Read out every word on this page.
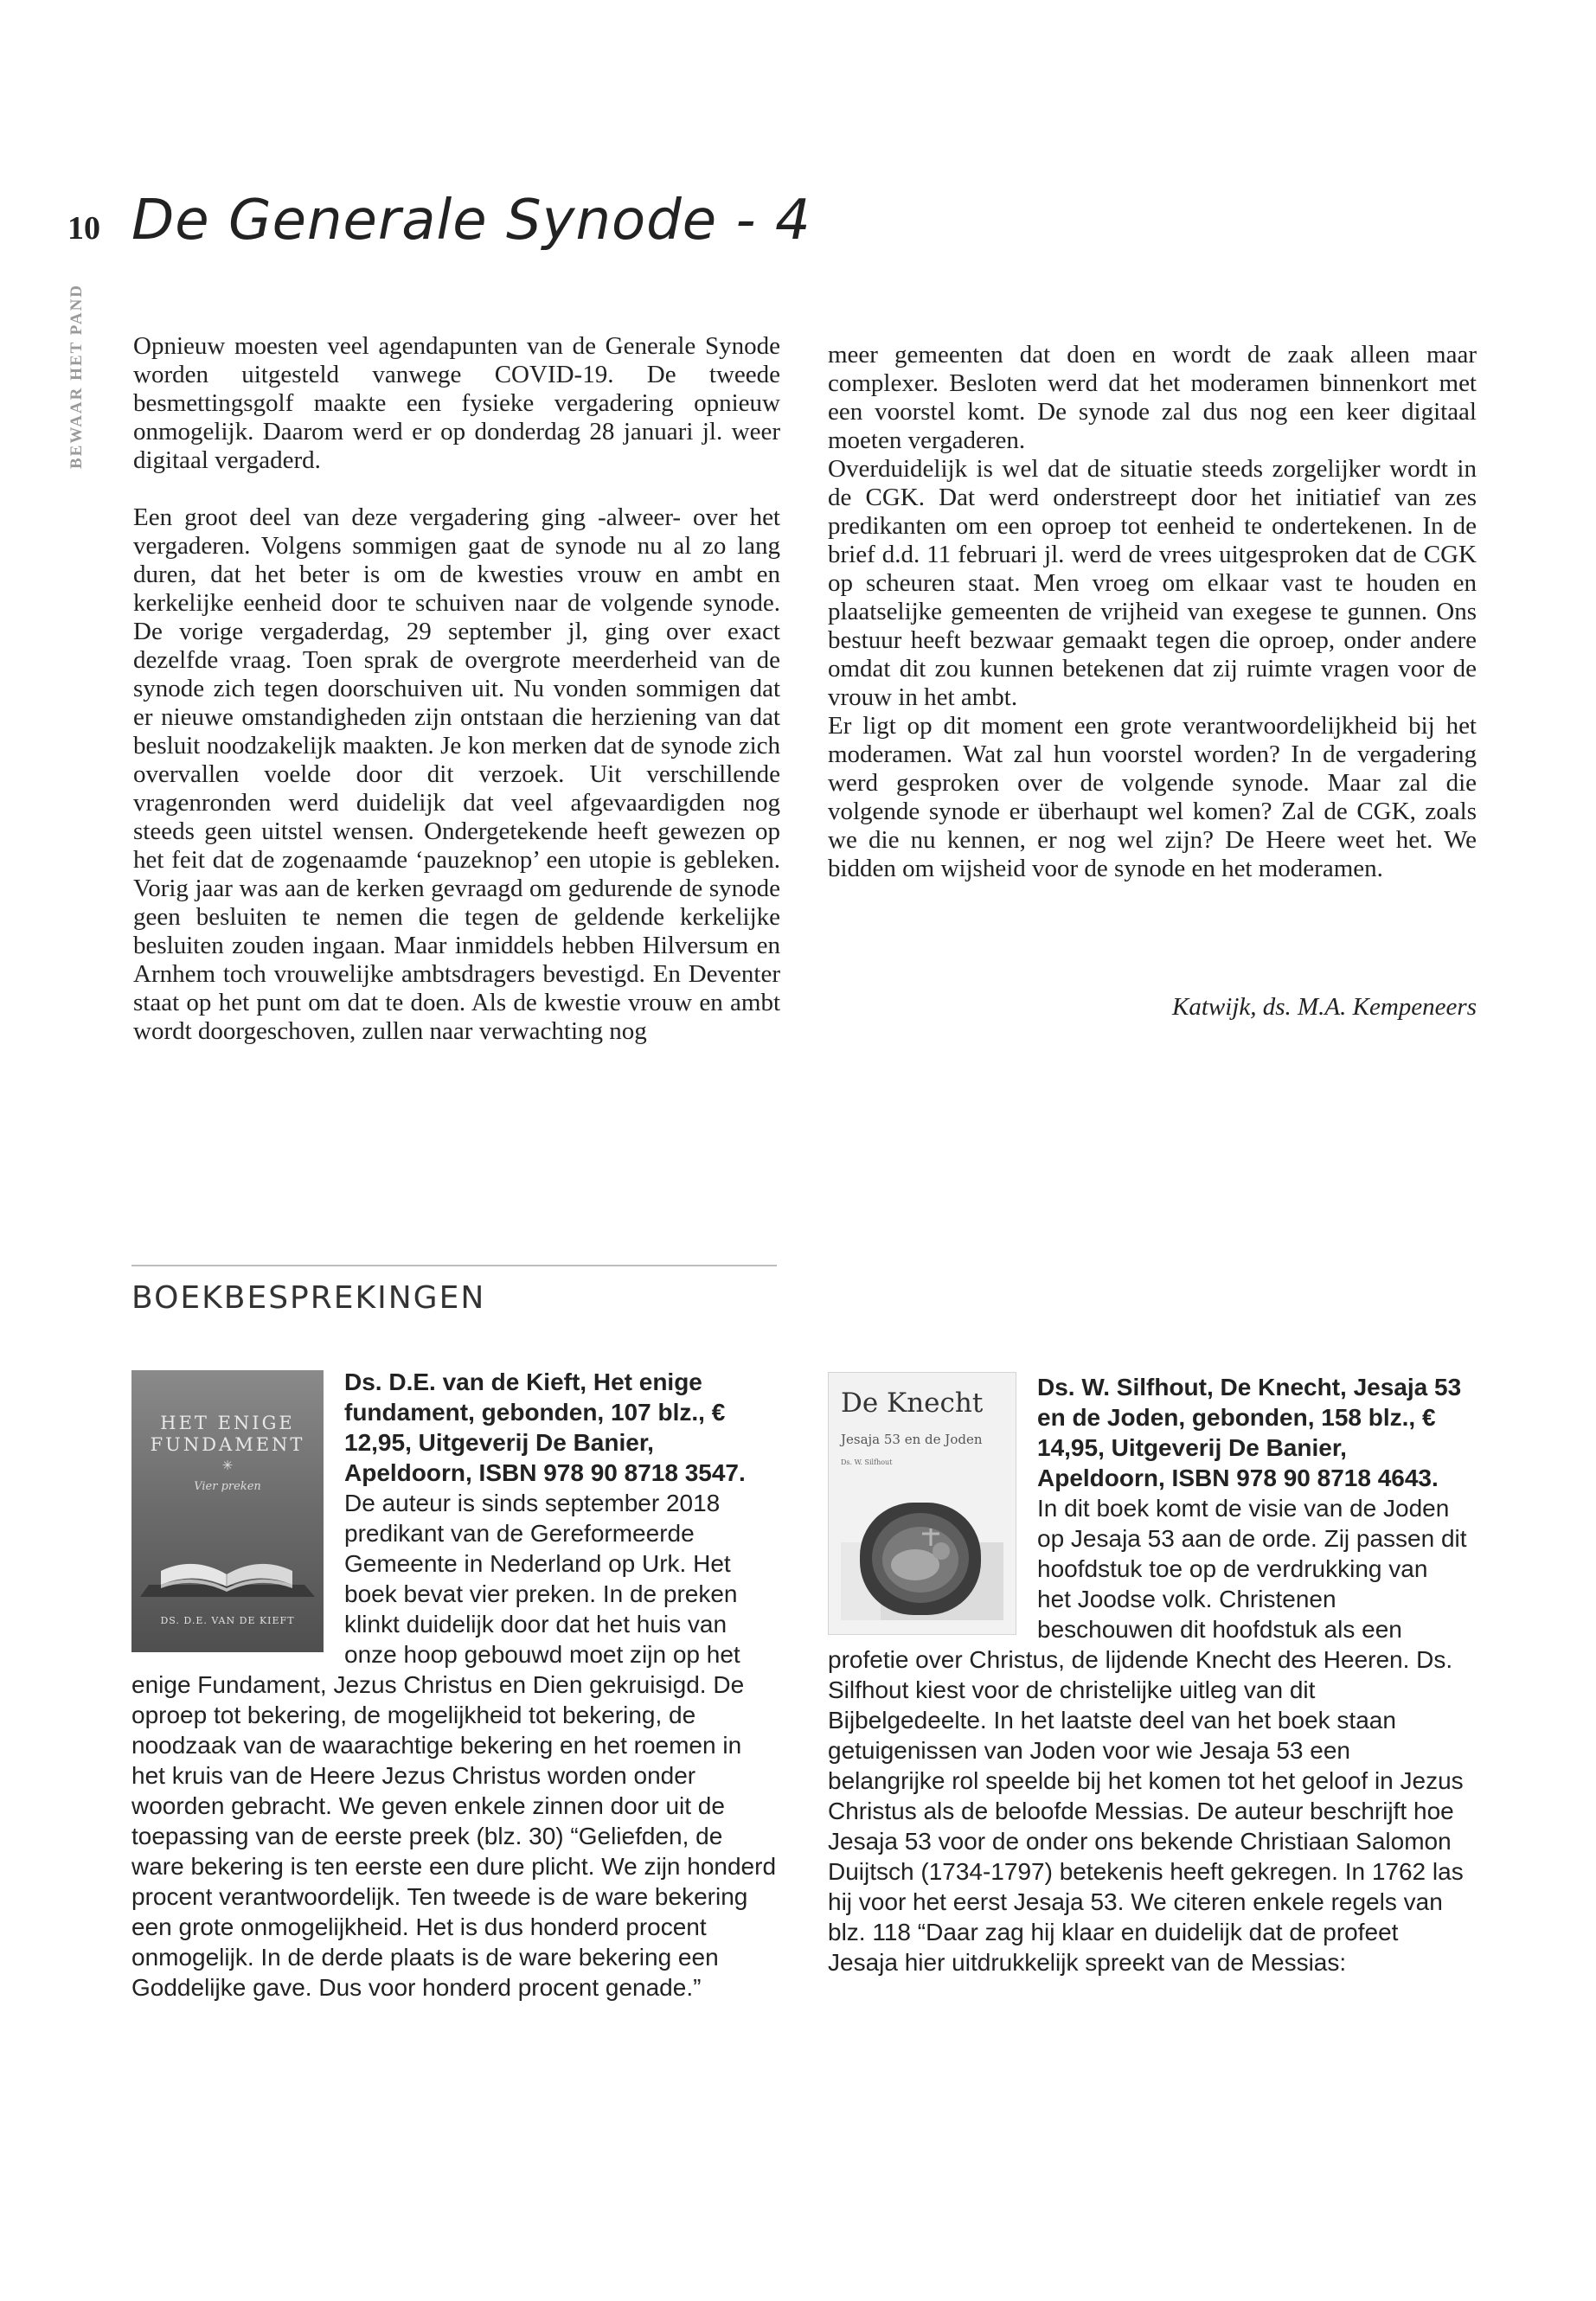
10 De Generale Synode - 4
BEWAAR HET PAND Opnieuw moesten veel agendapunten van de Generale Synode worden uitgesteld vanwege COVID-19. De tweede besmettingsgolf maakte een fysieke vergadering opnieuw onmogelijk. Daarom werd er op donderdag 28 januari jl. weer digitaal vergaderd.

Een groot deel van deze vergadering ging -alweer- over het vergaderen. Volgens sommigen gaat de synode nu al zo lang duren, dat het beter is om de kwesties vrouw en ambt en kerkelijke eenheid door te schuiven naar de volgende synode. De vorige vergaderdag, 29 september jl, ging over exact dezelfde vraag. Toen sprak de overgrote meerderheid van de synode zich tegen doorschuiven uit. Nu vonden sommigen dat er nieuwe omstandigheden zijn ontstaan die herziening van dat besluit noodzakelijk maakten. Je kon merken dat de synode zich overvallen voelde door dit verzoek. Uit verschillende vragenronden werd duidelijk dat veel afgevaardigden nog steeds geen uitstel wensen. Ondergetekende heeft gewezen op het feit dat de zogenaamde ‘pauzeknop’ een utopie is gebleken. Vorig jaar was aan de kerken gevraagd om gedurende de synode geen besluiten te nemen die tegen de geldende kerkelijke besluiten zouden ingaan. Maar inmiddels hebben Hilversum en Arnhem toch vrouwelijke ambtsdragers bevestigd. En Deventer staat op het punt om dat te doen. Als de kwestie vrouw en ambt wordt doorgeschoven, zullen naar verwachting nog

meer gemeenten dat doen en wordt de zaak alleen maar complexer. Besloten werd dat het moderamen binnenkort met een voorstel komt. De synode zal dus nog een keer digitaal moeten vergaderen.

Overduidelijk is wel dat de situatie steeds zorgelijker wordt in de CGK. Dat werd onderstreept door het initiatief van zes predikanten om een oproep tot eenheid te ondertekenen. In de brief d.d. 11 februari jl. werd de vrees uitgesproken dat de CGK op scheuren staat. Men vroeg om elkaar vast te houden en plaatselijke gemeenten de vrijheid van exegese te gunnen. Ons bestuur heeft bezwaar gemaakt tegen die oproep, onder andere omdat dit zou kunnen betekenen dat zij ruimte vragen voor de vrouw in het ambt.

Er ligt op dit moment een grote verantwoordelijkheid bij het moderamen. Wat zal hun voorstel worden? In de vergadering werd gesproken over de volgende synode. Maar zal die volgende synode er überhaupt wel komen? Zal de CGK, zoals we die nu kennen, er nog wel zijn? De Heere weet het. We bidden om wijsheid voor de synode en het moderamen.

Katwijk, ds. M.A. Kempeneers
BOEKBESPREKINGEN
HET ENIGE
FUNDAMENT
✳
Vier preken
DS. D.E. VAN DE KIEFT
Ds. D.E. van de Kieft, Het enige fundament, gebonden, 107 blz., € 12,95, Uitgeverij De Banier, Apeldoorn, ISBN 978 90 8718 3547. De auteur is sinds september 2018 predikant van de Gereformeerde Gemeente in Nederland op Urk. Het boek bevat vier preken. In de preken klinkt duidelijk door dat het huis van onze hoop gebouwd moet zijn op het enige Fundament, Jezus Christus en Dien gekruisigd. De oproep tot bekering, de mogelijkheid tot bekering, de noodzaak van de waarachtige bekering en het roemen in het kruis van de Heere Jezus Christus worden onder woorden gebracht. We geven enkele zinnen door uit de toepassing van de eerste preek (blz. 30) “Geliefden, de ware bekering is ten eerste een dure plicht. We zijn honderd procent verantwoordelijk. Ten tweede is de ware bekering een grote onmogelijkheid. Het is dus honderd procent onmogelijk. In de derde plaats is de ware bekering een Goddelijke gave. Dus voor honderd procent genade.”
De Knecht
Jesaja 53 en de Joden
Ds. W. Silfhout
Ds. W. Silfhout, De Knecht, Jesaja 53 en de Joden, gebonden, 158 blz., € 14,95, Uitgeverij De Banier, Apeldoorn, ISBN 978 90 8718 4643.
In dit boek komt de visie van de Joden op Jesaja 53 aan de orde. Zij passen dit hoofdstuk toe op de verdrukking van het Joodse volk. Christenen beschouwen dit hoofdstuk als een profetie over Christus, de lijdende Knecht des Heeren. Ds. Silfhout kiest voor de christelijke uitleg van dit Bijbelgedeelte. In het laatste deel van het boek staan getuigenissen van Joden voor wie Jesaja 53 een belangrijke rol speelde bij het komen tot het geloof in Jezus Christus als de beloofde Messias. De auteur beschrijft hoe Jesaja 53 voor de onder ons bekende Christiaan Salomon Duijtsch (1734-1797) betekenis heeft gekregen. In 1762 las hij voor het eerst Jesaja 53. We citeren enkele regels van blz. 118 “Daar zag hij klaar en duidelijk dat de profeet Jesaja hier uitdrukkelijk spreekt van de Messias:
